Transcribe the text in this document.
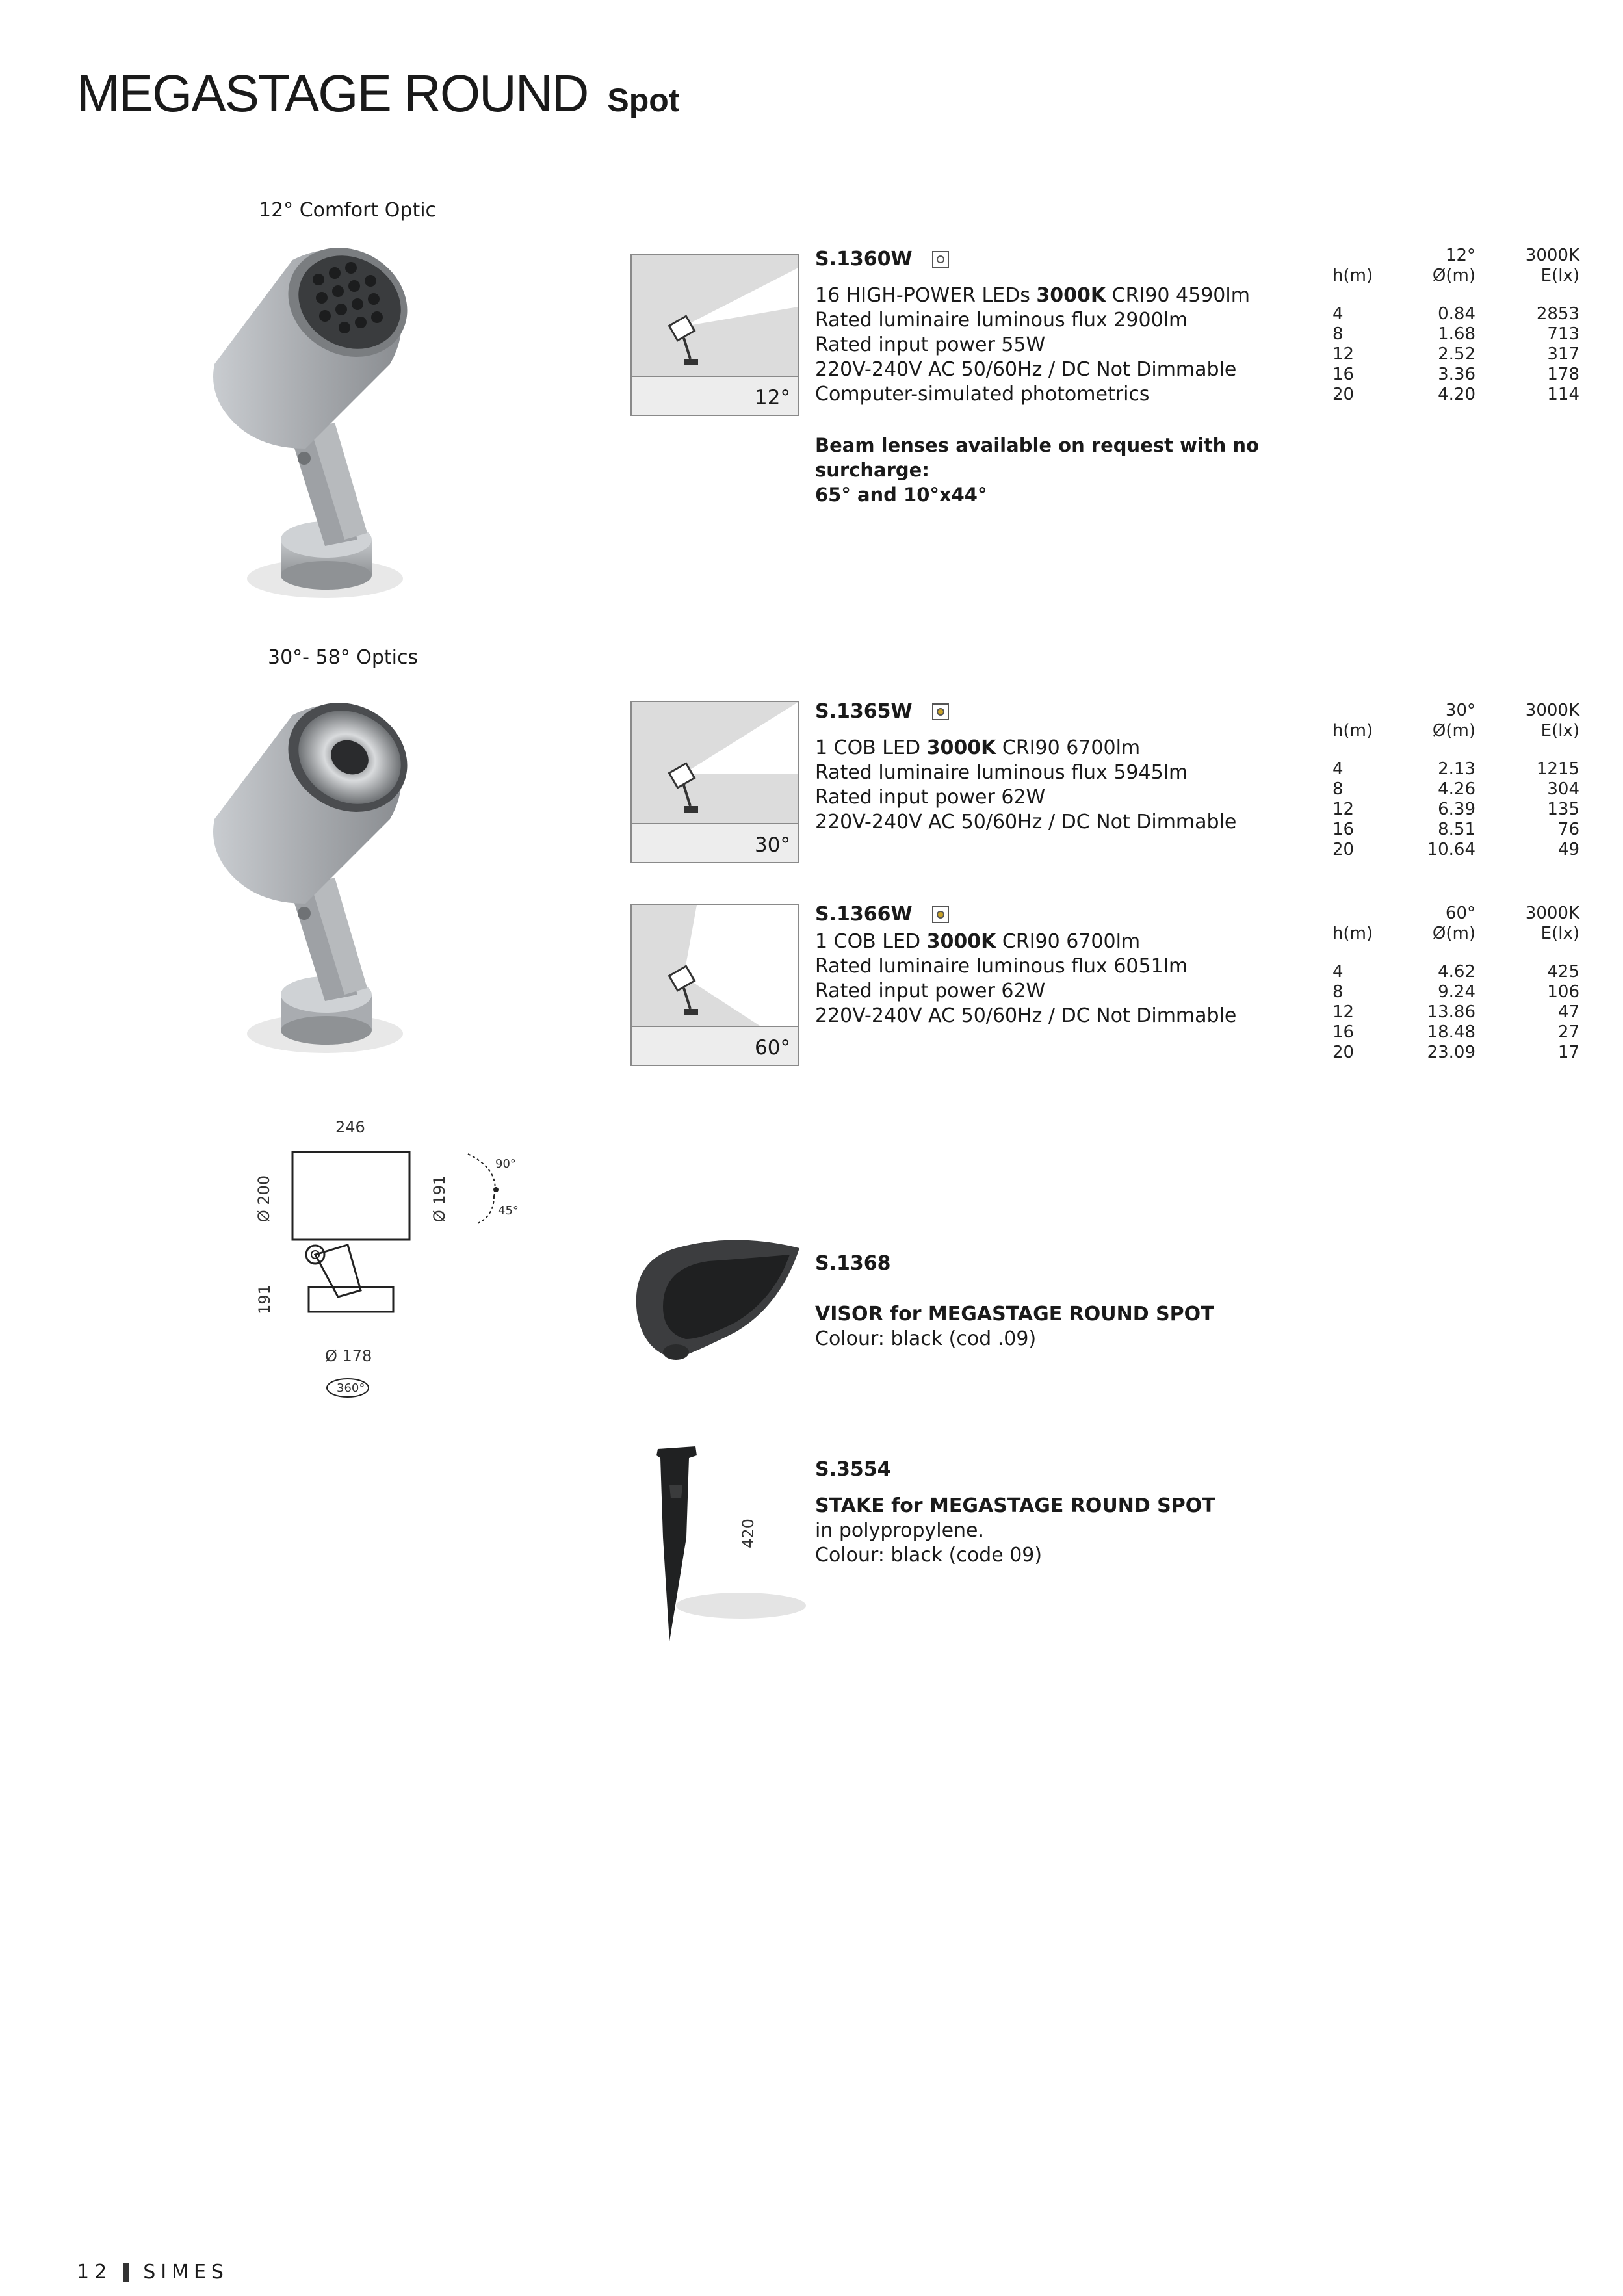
MEGASTAGE ROUND Spot
12° Comfort Optic
30°- 58° Optics
12°
30°
60°
S.1360W
16 HIGH-POWER LEDs 3000K CRI90 4590lm
Rated luminaire luminous flux 2900lm
Rated input power 55W
220V-240V AC 50/60Hz / DC Not Dimmable
Computer-simulated photometrics
Beam lenses available on request with no surcharge:
65° and 10°x44°
S.1365W
1 COB LED 3000K CRI90 6700lm
Rated luminaire luminous flux 5945lm
Rated input power 62W
220V-240V AC 50/60Hz / DC Not Dimmable
S.1366W
1 COB LED 3000K CRI90 6700lm
Rated luminaire luminous flux 6051lm
Rated input power 62W
220V-240V AC 50/60Hz / DC Not Dimmable
12°	3000K
h(m)	Ø(m)	E(lx)
4	0.84	2853
8	1.68	713
12	2.52	317
16	3.36	178
20	4.20	114
30°	3000K
h(m)	Ø(m)	E(lx)
4	2.13	1215
8	4.26	304
12	6.39	135
16	8.51	76
20	10.64	49
60°	3000K
h(m)	Ø(m)	E(lx)
4	4.62	425
8	9.24	106
12	13.86	47
16	18.48	27
20	23.09	17
246
Ø 200	Ø 191
191
Ø 178
90°
45°
360°
S.1368
VISOR for MEGASTAGE ROUND SPOT
Colour: black (cod .09)
420
S.3554
STAKE for MEGASTAGE ROUND SPOT
in polypropylene.
Colour: black (code 09)
12 SIMES
